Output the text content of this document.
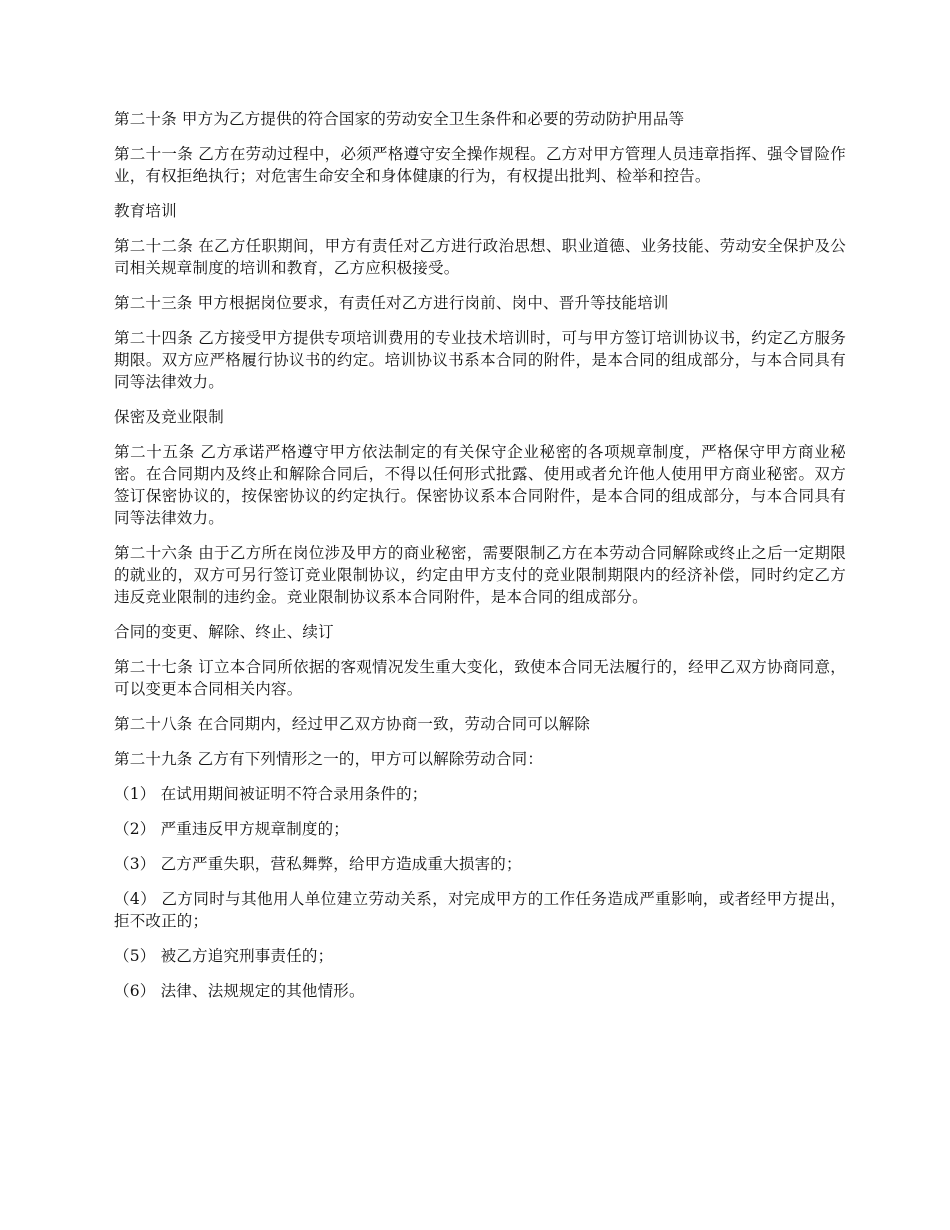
第二十条 甲方为乙方提供的符合国家的劳动安全卫生条件和必要的劳动防护用品等

第二十一条 乙方在劳动过程中，必须严格遵守安全操作规程。乙方对甲方管理人员违章指挥、强令冒险作业，有权拒绝执行；对危害生命安全和身体健康的行为，有权提出批判、检举和控告。

教育培训

第二十二条 在乙方任职期间，甲方有责任对乙方进行政治思想、职业道德、业务技能、劳动安全保护及公司相关规章制度的培训和教育，乙方应积极接受。

第二十三条 甲方根据岗位要求，有责任对乙方进行岗前、岗中、晋升等技能培训

第二十四条 乙方接受甲方提供专项培训费用的专业技术培训时，可与甲方签订培训协议书，约定乙方服务期限。双方应严格履行协议书的约定。培训协议书系本合同的附件，是本合同的组成部分，与本合同具有同等法律效力。

保密及竞业限制

第二十五条 乙方承诺严格遵守甲方依法制定的有关保守企业秘密的各项规章制度，严格保守甲方商业秘密。在合同期内及终止和解除合同后，不得以任何形式批露、使用或者允许他人使用甲方商业秘密。双方签订保密协议的，按保密协议的约定执行。保密协议系本合同附件，是本合同的组成部分，与本合同具有同等法律效力。

第二十六条 由于乙方所在岗位涉及甲方的商业秘密，需要限制乙方在本劳动合同解除或终止之后一定期限的就业的，双方可另行签订竞业限制协议，约定由甲方支付的竞业限制期限内的经济补偿，同时约定乙方违反竞业限制的违约金。竞业限制协议系本合同附件，是本合同的组成部分。

合同的变更、解除、终止、续订

第二十七条 订立本合同所依据的客观情况发生重大变化，致使本合同无法履行的，经甲乙双方协商同意，可以变更本合同相关内容。

第二十八条 在合同期内，经过甲乙双方协商一致，劳动合同可以解除

第二十九条 乙方有下列情形之一的，甲方可以解除劳动合同：

（1） 在试用期间被证明不符合录用条件的；

（2） 严重违反甲方规章制度的；

（3） 乙方严重失职，营私舞弊，给甲方造成重大损害的；

（4） 乙方同时与其他用人单位建立劳动关系，对完成甲方的工作任务造成严重影响，或者经甲方提出，拒不改正的；

（5） 被乙方追究刑事责任的；

（6） 法律、法规规定的其他情形。
